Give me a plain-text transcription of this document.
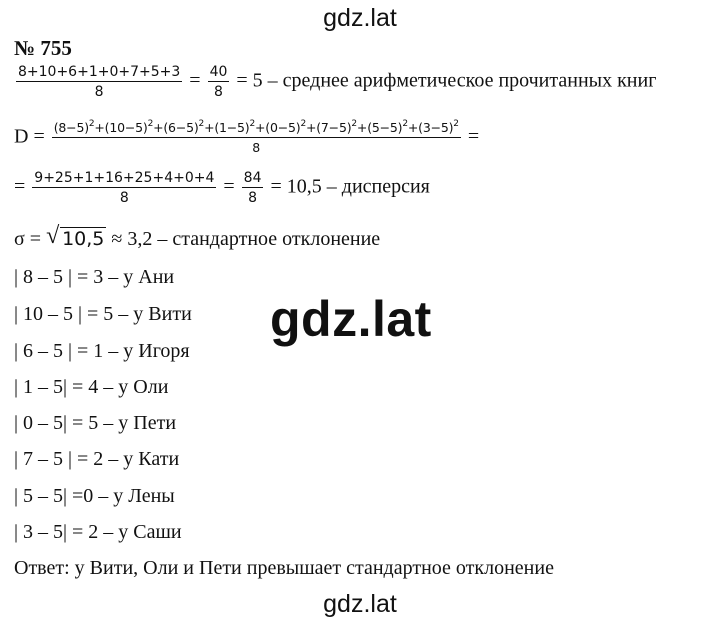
gdz.lat
gdz.lat
gdz.lat
№ 755
$\frac{8+10+6+1+0+7+5+3}{8} = \frac{40}{8} = 5$ – среднее арифметическое прочитанных книг
$D = \frac{(8-5)^2+(10-5)^2+(6-5)^2+(1-5)^2+(0-5)^2+(7-5)^2+(5-5)^2+(3-5)^2}{8}$ =
= $\frac{9+25+1+16+25+4+0+4}{8} = \frac{84}{8} = 10,5$ – дисперсия
σ = √ 10,5 ≈ 3,2 – стандартное отклонение
| 8 – 5 | = 3 – у Ани
| 10 – 5 | = 5 – у Вити
| 6 – 5 | = 1 – у Игоря
| 1 – 5| = 4 – у Оли
| 0 – 5| = 5 – у Пети
| 7 – 5 | = 2 – у Кати
| 5 – 5| =0 – у Лены
| 3 – 5| = 2 – у Саши
Ответ: у Вити, Оли и Пети превышает стандартное отклонение
